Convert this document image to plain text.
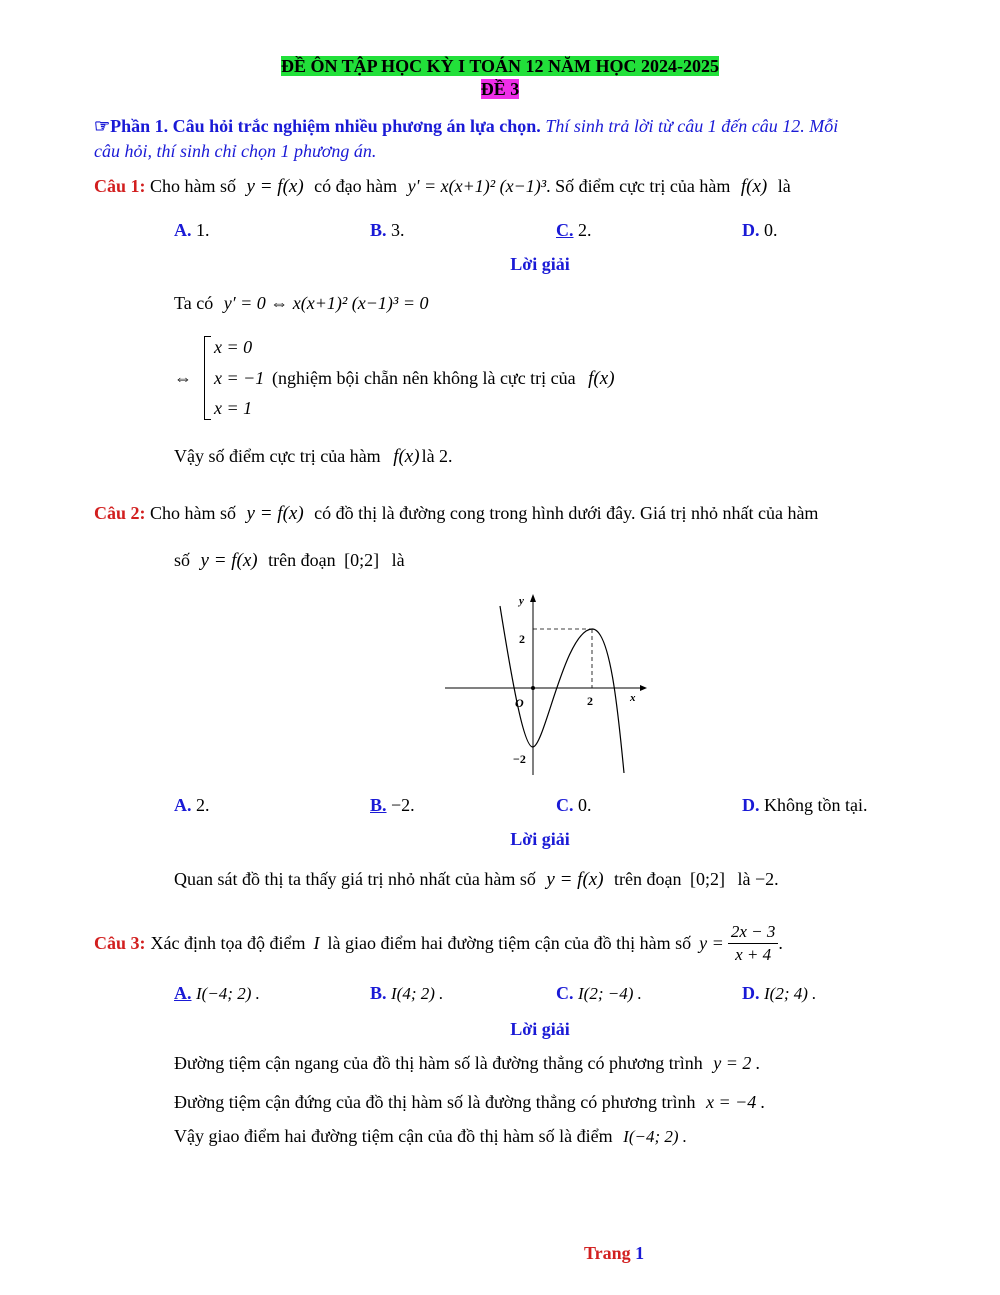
ĐỀ ÔN TẬP HỌC KỲ I TOÁN 12 NĂM HỌC 2024-2025
ĐỀ 3
☞Phần 1. Câu hỏi trắc nghiệm nhiều phương án lựa chọn. Thí sinh trả lời từ câu 1 đến câu 12. Mỗi
câu hỏi, thí sinh chỉ chọn 1 phương án.
Câu 1: Cho hàm số y = f(x) có đạo hàm y' = x(x+1)² (x−1)³. Số điểm cực trị của hàm f(x) là
A. 1.	B. 3.	C. 2.	D. 0.
Lời giải
Ta có y′ = 0 ⇔ x(x+1)² (x−1)³ = 0
⇔
x = 0
x = −1
x = 1
(nghiệm bội chẵn nên không là cực trị của f(x)
Vậy số điểm cực trị của hàm f(x) là 2.
Câu 2: Cho hàm số y = f(x) có đồ thị là đường cong trong hình dưới đây. Giá trị nhỏ nhất của hàm
số y = f(x) trên đoạn [0;2] là
y
x
O
2
−2
2
A. 2.	B. −2.	C. 0.	D. Không tồn tại.
Lời giải
Quan sát đồ thị ta thấy giá trị nhỏ nhất của hàm số y = f(x) trên đoạn [0;2] là −2.
Câu 3: Xác định tọa độ điểm I là giao điểm hai đường tiệm cận của đồ thị hàm số $y = \frac{2x - 3}{x + 4}$ .
A. I(−4; 2) .	B. I(4; 2) .	C. I(2; −4) .	D. I(2; 4) .
Lời giải
Đường tiệm cận ngang của đồ thị hàm số là đường thẳng có phương trình y = 2 .
Đường tiệm cận đứng của đồ thị hàm số là đường thẳng có phương trình x = −4 .
Vậy giao điểm hai đường tiệm cận của đồ thị hàm số là điểm I(−4; 2) .
Trang 1
